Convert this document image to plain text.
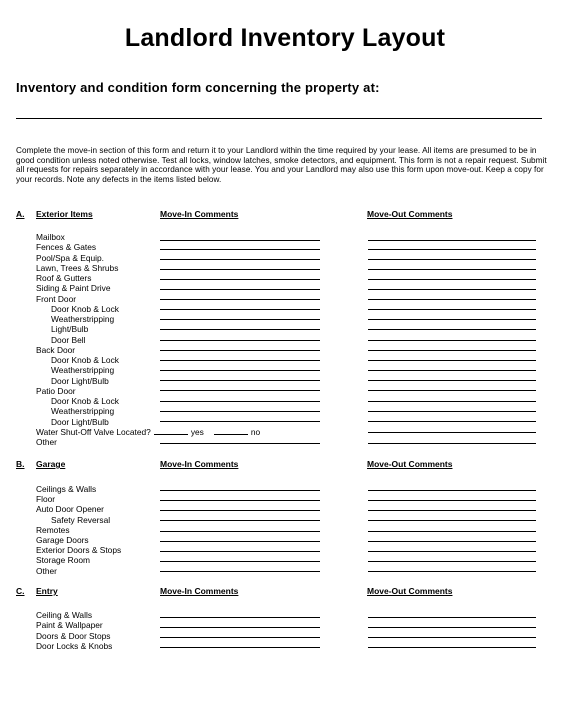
Landlord Inventory Layout
Inventory and condition form concerning the property at:
Complete the move-in section of this form and return it to your Landlord within the time required by your lease. All items are presumed to be in good condition unless noted otherwise. Test all locks, window latches, smoke detectors, and equipment. This form is not a repair request. Submit all requests for repairs separately in accordance with your lease. You and your Landlord may also use this form upon move-out. Keep a copy for your records. Note any defects in the items listed below.
A. Exterior Items	Move-In Comments	Move-Out Comments
Mailbox
Fences & Gates
Pool/Spa & Equip.
Lawn, Trees & Shrubs
Roof & Gutters
Siding & Paint Drive
Front Door
Door Knob & Lock
Weatherstripping
Light/Bulb
Door Bell
Back Door
Door Knob & Lock
Weatherstripping
Door Light/Bulb
Patio Door
Door Knob & Lock
Weatherstripping
Door Light/Bulb
Water Shut-Off Valve Located?	yes	no
Other
B. Garage	Move-In Comments	Move-Out Comments
Ceilings & Walls
Floor
Auto Door Opener
Safety Reversal
Remotes
Garage Doors
Exterior Doors & Stops
Storage Room
Other
C. Entry	Move-In Comments	Move-Out Comments
Ceiling & Walls
Paint & Wallpaper
Doors & Door Stops
Door Locks & Knobs
